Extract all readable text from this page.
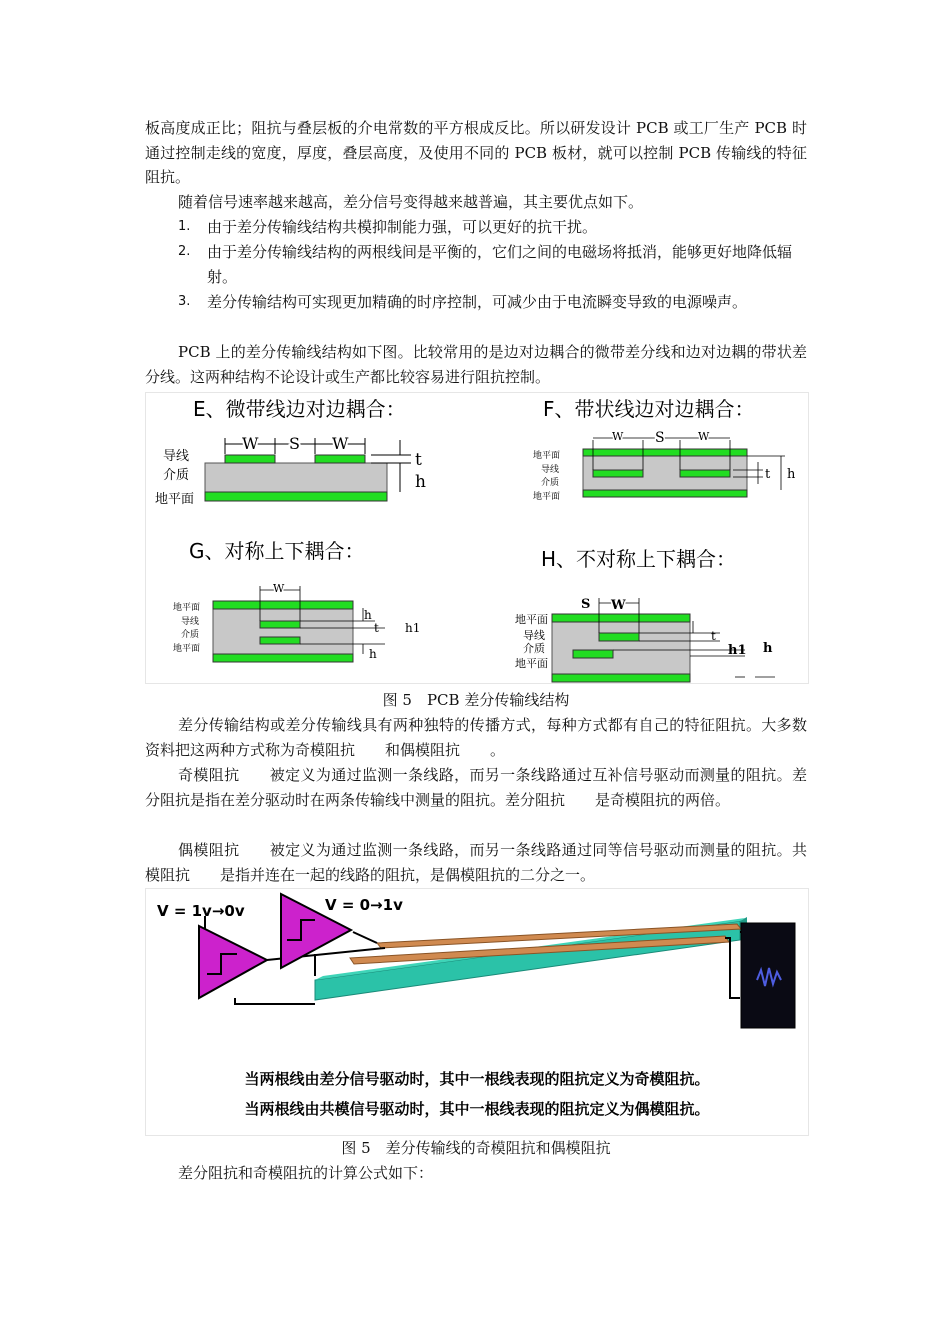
板高度成正比；阻抗与叠层板的介电常数的平方根成反比。所以研发设计 PCB 或工厂生产 PCB 时通过控制走线的宽度，厚度，叠层高度，及使用不同的 PCB 板材，就可以控制 PCB 传输线的特征阻抗。

随着信号速率越来越高，差分信号变得越来越普遍，其主要优点如下。

1.	由于差分传输线结构共模抑制能力强，可以更好的抗干扰。
2.	由于差分传输线结构的两根线间是平衡的，它们之间的电磁场将抵消，能够更好地降低辐射。
3.	差分传输结构可实现更加精确的时序控制，可减少由于电流瞬变导致的电源噪声。

PCB 上的差分传输线结构如下图。比较常用的是边对边耦合的微带差分线和边对边耦的带状差分线。这两种结构不论设计或生产都比较容易进行阻抗控制。

E、微带线边对边耦合：
导线
介质
地平面
W S W
t
h
F、带状线边对边耦合：
地平面
导线
介质
地平面
W S	W
t h
G、对称上下耦合：
地平面
导线
介质
地平面
W
h
t h1
h
H、不对称上下耦合：
地平面
导线
介质
地平面
S W
t
h1 h
图 5　PCB 差分传输线结构

差分传输结构或差分传输线具有两种独特的传播方式，每种方式都有自己的特征阻抗。大多数资料把这两种方式称为奇模阻抗 和偶模阻抗 。

奇模阻抗 被定义为通过监测一条线路，而另一条线路通过互补信号驱动而测量的阻抗。差分阻抗是指在差分驱动时在两条传输线中测量的阻抗。差分阻抗 是奇模阻抗的两倍。

偶模阻抗 被定义为通过监测一条线路，而另一条线路通过同等信号驱动而测量的阻抗。共模阻抗 是指并连在一起的线路的阻抗，是偶模阻抗的二分之一。

V = 1v→0v	V = 0→1v
当两根线由差分信号驱动时，其中一根线表现的阻抗定义为奇模阻抗。
当两根线由共模信号驱动时，其中一根线表现的阻抗定义为偶模阻抗。
图 5　差分传输线的奇模阻抗和偶模阻抗

差分阻抗和奇模阻抗的计算公式如下：
